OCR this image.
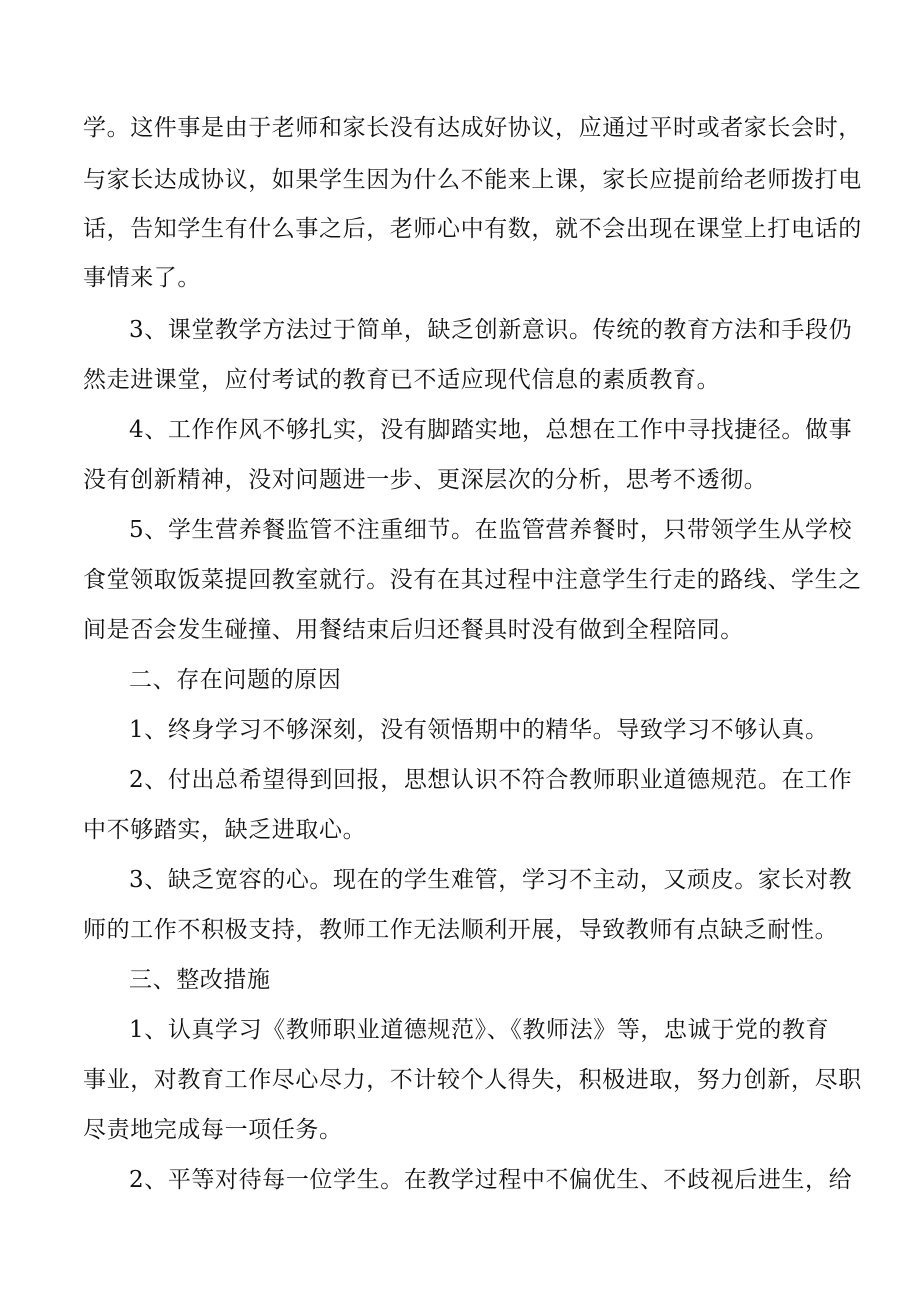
学。这件事是由于老师和家长没有达成好协议，应通过平时或者家长会时，
与家长达成协议，如果学生因为什么不能来上课，家长应提前给老师拨打电
话，告知学生有什么事之后，老师心中有数，就不会出现在课堂上打电话的
事情来了。
3、课堂教学方法过于简单，缺乏创新意识。传统的教育方法和手段仍
然走进课堂，应付考试的教育已不适应现代信息的素质教育。
4、工作作风不够扎实，没有脚踏实地，总想在工作中寻找捷径。做事
没有创新精神，没对问题进一步、更深层次的分析，思考不透彻。
5、学生营养餐监管不注重细节。在监管营养餐时，只带领学生从学校
食堂领取饭菜提回教室就行。没有在其过程中注意学生行走的路线、学生之
间是否会发生碰撞、用餐结束后归还餐具时没有做到全程陪同。
二、存在问题的原因
1、终身学习不够深刻，没有领悟期中的精华。导致学习不够认真。
2、付出总希望得到回报，思想认识不符合教师职业道德规范。在工作
中不够踏实，缺乏进取心。
3、缺乏宽容的心。现在的学生难管，学习不主动，又顽皮。家长对教
师的工作不积极支持，教师工作无法顺利开展，导致教师有点缺乏耐性。
三、整改措施
1、认真学习《教师职业道德规范》、《教师法》等，忠诚于党的教育
事业，对教育工作尽心尽力，不计较个人得失，积极进取，努力创新，尽职
尽责地完成每一项任务。
2、平等对待每一位学生。在教学过程中不偏优生、不歧视后进生，给
